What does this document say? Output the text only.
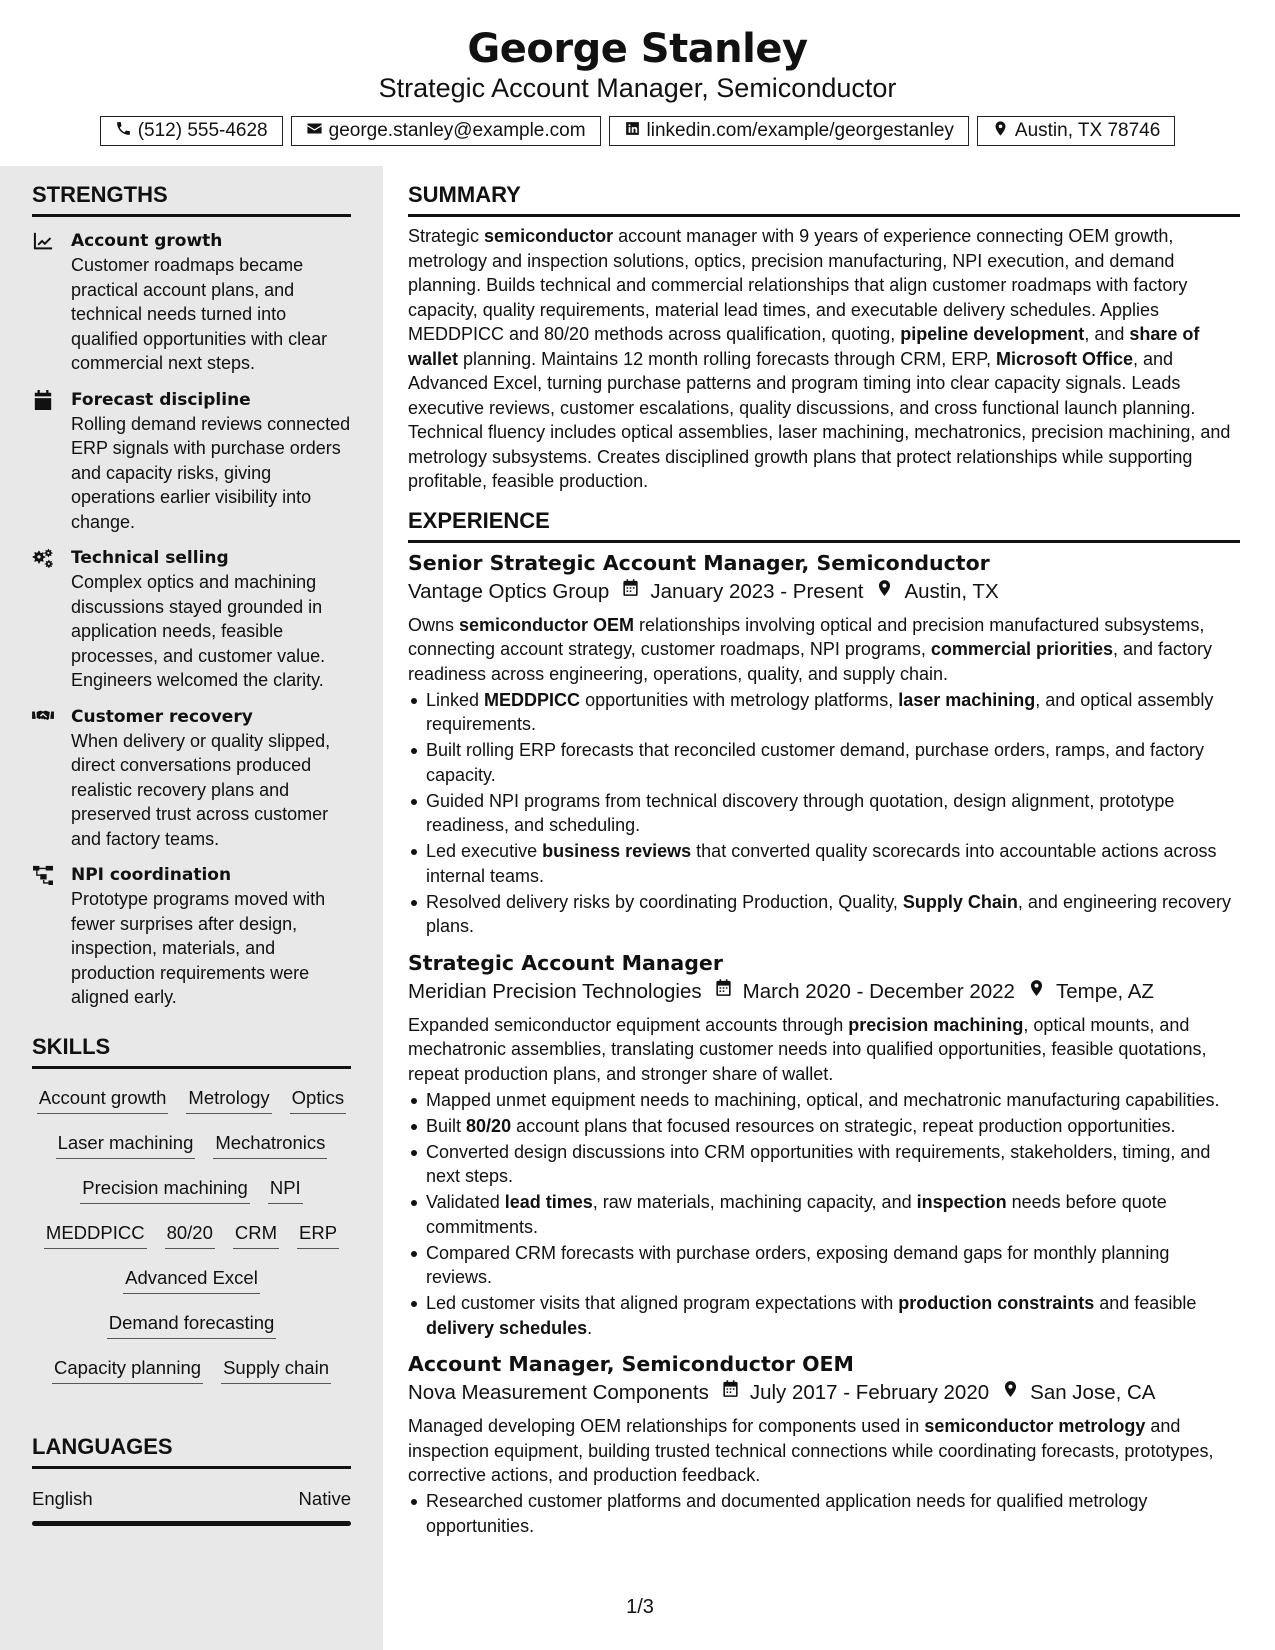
George Stanley
Strategic Account Manager, Semiconductor
(512) 555-4628	george.stanley@example.com	linkedin.com/example/georgestanley	Austin, TX 78746
STRENGTHS
Account growth
Customer roadmaps became practical account plans, and technical needs turned into qualified opportunities with clear commercial next steps.
Forecast discipline
Rolling demand reviews connected ERP signals with purchase orders and capacity risks, giving operations earlier visibility into change.
Technical selling
Complex optics and machining discussions stayed grounded in application needs, feasible processes, and customer value. Engineers welcomed the clarity.
Customer recovery
When delivery or quality slipped, direct conversations produced realistic recovery plans and preserved trust across customer and factory teams.
NPI coordination
Prototype programs moved with fewer surprises after design, inspection, materials, and production requirements were aligned early.
SKILLS
Account growth Metrology Optics
Laser machining Mechatronics
Precision machining NPI
MEDDPICC 80/20 CRM ERP
Advanced Excel
Demand forecasting
Capacity planning Supply chain
LANGUAGES
English	Native
SUMMARY
Strategic semiconductor account manager with 9 years of experience connecting OEM growth, metrology and inspection solutions, optics, precision manufacturing, NPI execution, and demand planning. Builds technical and commercial relationships that align customer roadmaps with factory capacity, quality requirements, material lead times, and executable delivery schedules. Applies MEDDPICC and 80/20 methods across qualification, quoting, pipeline development, and share of wallet planning. Maintains 12 month rolling forecasts through CRM, ERP, Microsoft Office, and Advanced Excel, turning purchase patterns and program timing into clear capacity signals. Leads executive reviews, customer escalations, quality discussions, and cross functional launch planning. Technical fluency includes optical assemblies, laser machining, mechatronics, precision machining, and metrology subsystems. Creates disciplined growth plans that protect relationships while supporting profitable, feasible production.
EXPERIENCE
Senior Strategic Account Manager, Semiconductor
Vantage Optics Group January 2023 - Present Austin, TX
Owns semiconductor OEM relationships involving optical and precision manufactured subsystems, connecting account strategy, customer roadmaps, NPI programs, commercial priorities, and factory readiness across engineering, operations, quality, and supply chain.
Linked MEDDPICC opportunities with metrology platforms, laser machining, and optical assembly requirements.
Built rolling ERP forecasts that reconciled customer demand, purchase orders, ramps, and factory capacity.
Guided NPI programs from technical discovery through quotation, design alignment, prototype readiness, and scheduling.
Led executive business reviews that converted quality scorecards into accountable actions across internal teams.
Resolved delivery risks by coordinating Production, Quality, Supply Chain, and engineering recovery plans.
Strategic Account Manager
Meridian Precision Technologies March 2020 - December 2022 Tempe, AZ
Expanded semiconductor equipment accounts through precision machining, optical mounts, and mechatronic assemblies, translating customer needs into qualified opportunities, feasible quotations, repeat production plans, and stronger share of wallet.
Mapped unmet equipment needs to machining, optical, and mechatronic manufacturing capabilities.
Built 80/20 account plans that focused resources on strategic, repeat production opportunities.
Converted design discussions into CRM opportunities with requirements, stakeholders, timing, and next steps.
Validated lead times, raw materials, machining capacity, and inspection needs before quote commitments.
Compared CRM forecasts with purchase orders, exposing demand gaps for monthly planning reviews.
Led customer visits that aligned program expectations with production constraints and feasible delivery schedules.
Account Manager, Semiconductor OEM
Nova Measurement Components July 2017 - February 2020 San Jose, CA
Managed developing OEM relationships for components used in semiconductor metrology and inspection equipment, building trusted technical connections while coordinating forecasts, prototypes, corrective actions, and production feedback.
Researched customer platforms and documented application needs for qualified metrology opportunities.
1/3
